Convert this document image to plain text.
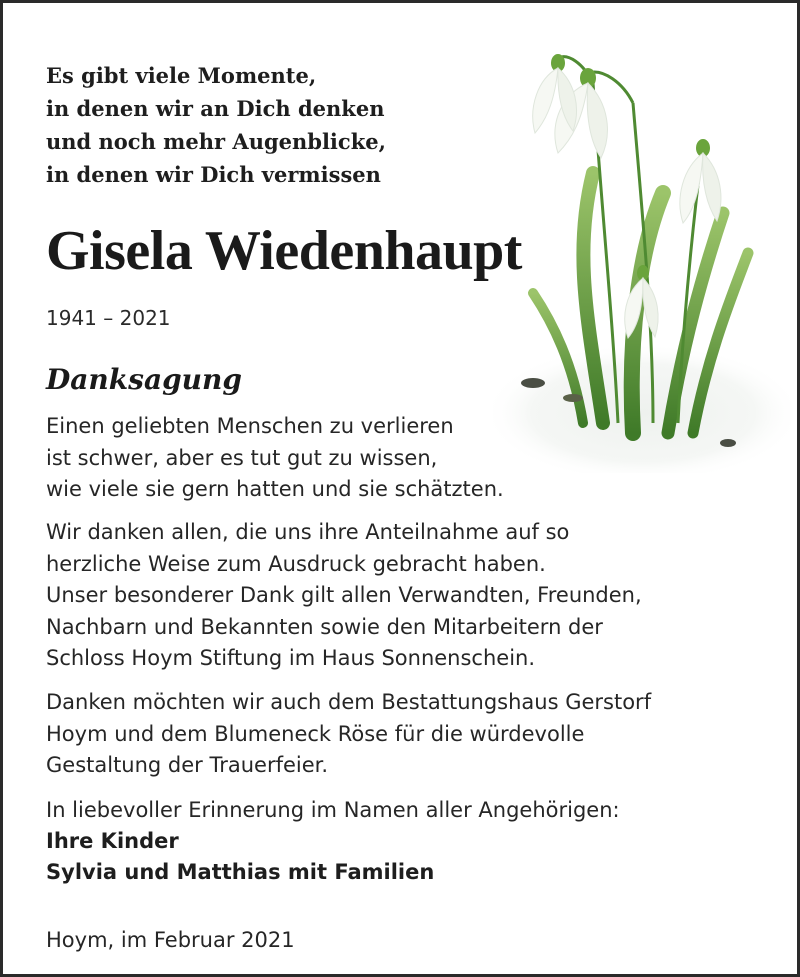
Es gibt viele Momente,
in denen wir an Dich denken
und noch mehr Augenblicke,
in denen wir Dich vermissen

Gisela Wiedenhaupt

1941 – 2021

Danksagung

Einen geliebten Menschen zu verlieren
ist schwer, aber es tut gut zu wissen,
wie viele sie gern hatten und sie schätzten.

Wir danken allen, die uns ihre Anteilnahme auf so
herzliche Weise zum Ausdruck gebracht haben.
Unser besonderer Dank gilt allen Verwandten, Freunden,
Nachbarn und Bekannten sowie den Mitarbeitern der
Schloss Hoym Stiftung im Haus Sonnenschein.

Danken möchten wir auch dem Bestattungshaus Gerstorf
Hoym und dem Blumeneck Röse für die würdevolle
Gestaltung der Trauerfeier.

In liebevoller Erinnerung im Namen aller Angehörigen:

Ihre Kinder

Sylvia und Matthias mit Familien

Hoym, im Februar 2021
